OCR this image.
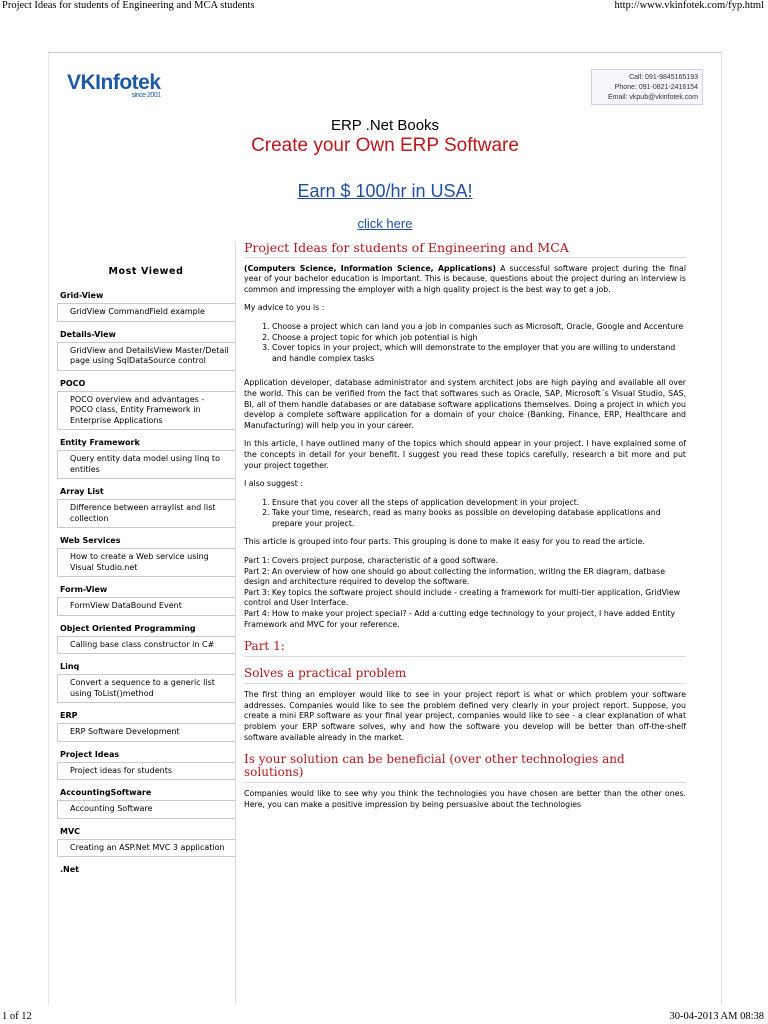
Project Ideas for students of Engineering and MCA students	http://www.vkinfotek.com/fyp.html
VKInfotek
since 2001
Call: 091-9845165193
Phone: 091-0821-2416154
Email: vkpub@vkinfotek.com
ERP .Net Books
Create your Own ERP Software
Earn $ 100/hr in USA!
click here
Most Viewed
Grid-View
GridView CommandField example
Details-View
GridView and DetailsView Master/Detail page using SqlDataSource control
POCO
POCO overview and advantages - POCO class, Entity Framework in Enterprise Applications
Entity Framework
Query entity data model using linq to entities
Array List
Difference between arraylist and list collection
Web Services
How to create a Web service using Visual Studio.net
Form-View
FormView DataBound Event
Object Oriented Programming
Calling base class constructor in C#
Linq
Convert a sequence to a generic list using ToList()method
ERP
ERP Software Development
Project Ideas
Project ideas for students
AccountingSoftware
Accounting Software
MVC
Creating an ASP.Net MVC 3 application
.Net
Project Ideas for students of Engineering and MCA

(Computers Science, Information Science, Applications) A successful software project during the final year of your bachelor education is important. This is because, questions about the project during an interview is common and impressing the employer with a high quality project is the best way to get a job.

My advice to you is :

1. Choose a project which can land you a job in companies such as Microsoft, Oracle, Google and Accenture
2. Choose a project topic for which job potential is high
3. Cover topics in your project, which will demonstrate to the employer that you are willing to understand and handle complex tasks

Application developer, database administrator and system architect jobs are high paying and available all over the world. This can be verified from the fact that softwares such as Oracle, SAP, Microsoft´s Visual Studio, SAS, BI, all of them handle databases or are database software applications themselves. Doing a project in which you develop a complete software application for a domain of your choice (Banking, Finance, ERP, Healthcare and Manufacturing) will help you in your career.

In this article, I have outlined many of the topics which should appear in your project. I have explained some of the concepts in detail for your benefit. I suggest you read these topics carefully, research a bit more and put your project together.

I also suggest :

1. Ensure that you cover all the steps of application development in your project.
2. Take your time, research, read as many books as possible on developing database applications and prepare your project.

This article is grouped into four parts. This grouping is done to make it easy for you to read the article.

Part 1: Covers project purpose, characteristic of a good software.
Part 2: An overview of how one should go about collecting the information, writing the ER diagram, datbase design and architecture required to develop the software.
Part 3: Key topics the software project should include - creating a framework for multi-tier application, GridView control and User Interface.
Part 4: How to make your project special? - Add a cutting edge technology to your project, I have added Entity Framework and MVC for your reference.
Part 1:
Solves a practical problem

The first thing an employer would like to see in your project report is what or which problem your software addresses. Companies would like to see the problem defined very clearly in your project report. Suppose, you create a mini ERP software as your final year project, companies would like to see - a clear explanation of what problem your ERP software solves, why and how the software you develop will be better than off-the-shelf software available already in the market.

Is your solution can be beneficial (over other technologies and solutions)

Companies would like to see why you think the technologies you have chosen are better than the other ones. Here, you can make a positive impression by being persuasive about the technologies

1 of 12	30-04-2013 AM 08:38
